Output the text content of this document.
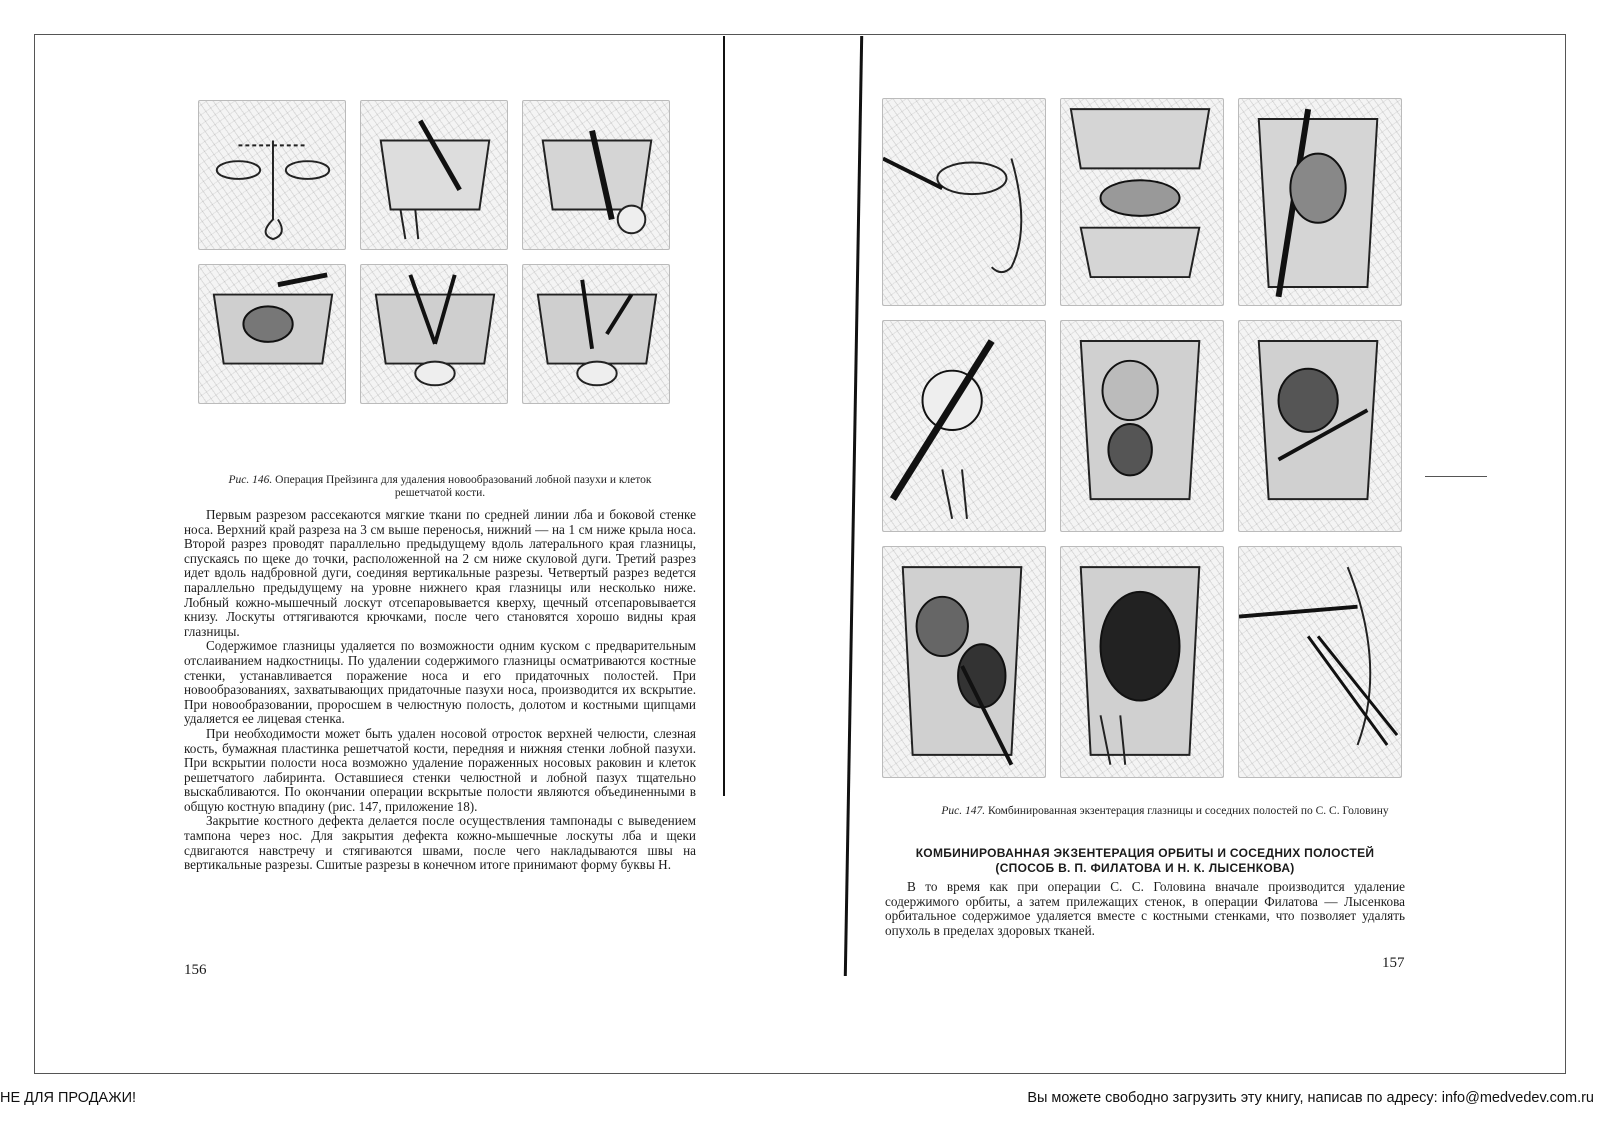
Рис. 146. Операция Прейзинга для удаления новообразований лобной пазухи и клеток решетчатой кости.

Первым разрезом рассекаются мягкие ткани по средней линии лба и боковой стенке носа. Верхний край разреза на 3 см выше переносья, нижний — на 1 см ниже крыла носа. Второй разрез проводят параллельно предыдущему вдоль латерального края глазницы, спускаясь по щеке до точки, расположенной на 2 см ниже скуловой дуги. Третий разрез идет вдоль надбровной дуги, соединяя вертикальные разрезы. Четвертый разрез ведется параллельно предыдущему на уровне нижнего края глазницы или несколько ниже. Лобный кожно-мышечный лоскут отсепаровывается кверху, щечный отсепаровывается книзу. Лоскуты оттягиваются крючками, после чего становятся хорошо видны края глазницы.

Содержимое глазницы удаляется по возможности одним куском с предварительным отслаиванием надкостницы. По удалении содержимого глазницы осматриваются костные стенки, устанавливается поражение носа и его придаточных полостей. При новообразованиях, захватывающих придаточные пазухи носа, производится их вскрытие. При новообразовании, проросшем в челюстную полость, долотом и костными щипцами удаляется ее лицевая стенка.

При необходимости может быть удален носовой отросток верхней челюсти, слезная кость, бумажная пластинка решетчатой кости, передняя и нижняя стенки лобной пазухи. При вскрытии полости носа возможно удаление пораженных носовых раковин и клеток решетчатого лабиринта. Оставшиеся стенки челюстной и лобной пазух тщательно выскабливаются. По окончании операции вскрытые полости являются объединенными в общую костную впадину (рис. 147, приложение 18).

Закрытие костного дефекта делается после осуществления тампонады с выведением тампона через нос. Для закрытия дефекта кожно-мышечные лоскуты лба и щеки сдвигаются навстречу и стягиваются швами, после чего накладываются швы на вертикальные разрезы. Сшитые разрезы в конечном итоге принимают форму буквы Н.

156
Рис. 147. Комбинированная экзентерация глазницы и соседних полостей по С. С. Головину
КОМБИНИРОВАННАЯ ЭКЗЕНТЕРАЦИЯ ОРБИТЫ И СОСЕДНИХ ПОЛОСТЕЙ
(СПОСОБ В. П. ФИЛАТОВА И Н. К. ЛЫСЕНКОВА)

В то время как при операции С. С. Головина вначале производится удаление содержимого орбиты, а затем прилежащих стенок, в операции Филатова — Лысенкова орбитальное содержимое удаляется вместе с костными стенками, что позволяет удалять опухоль в пределах здоровых тканей.

157
НЕ ДЛЯ ПРОДАЖИ!	Вы можете свободно загрузить эту книгу, написав по адресу: info@medvedev.com.ru
